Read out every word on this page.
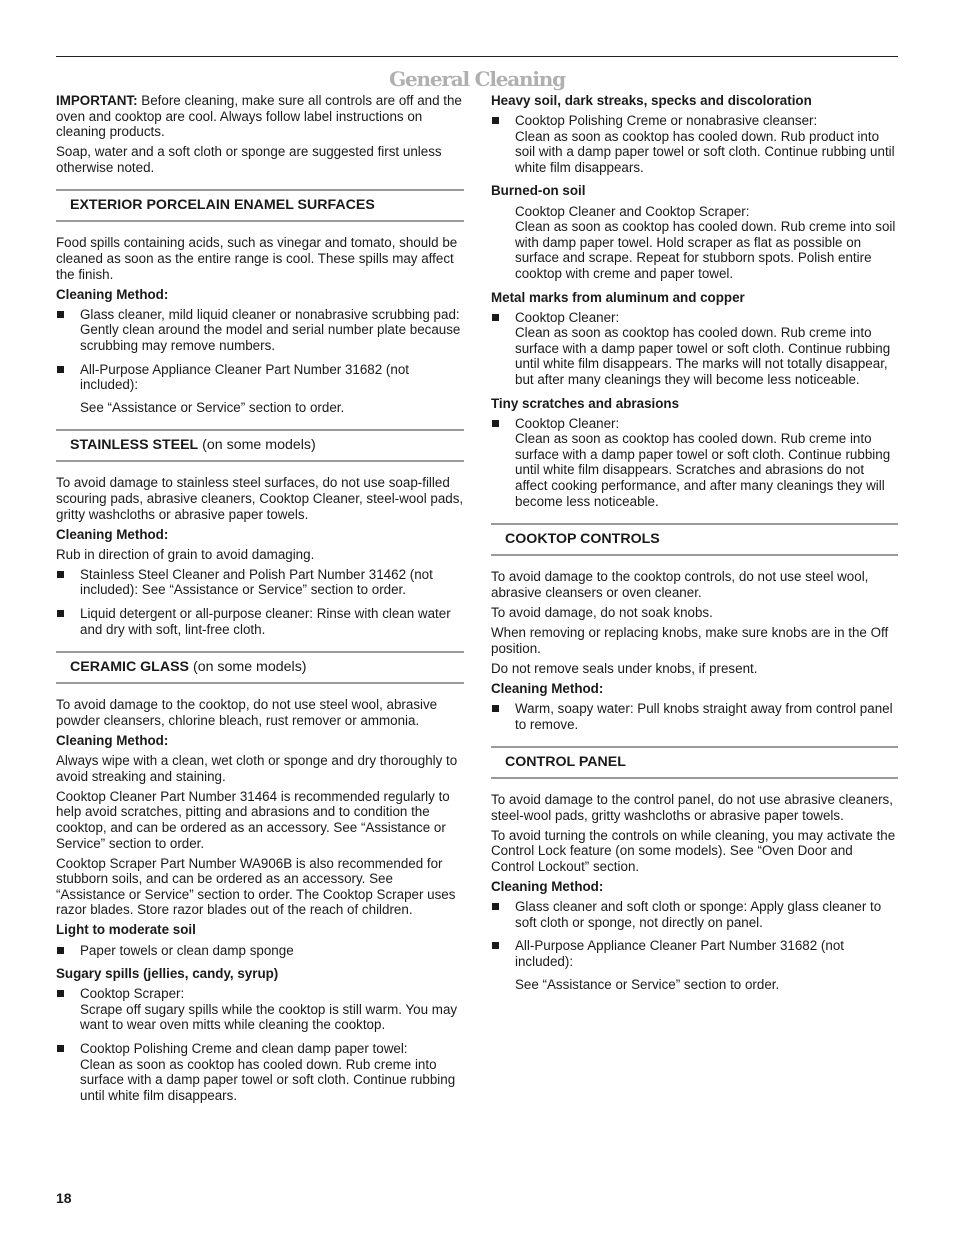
General Cleaning

IMPORTANT: Before cleaning, make sure all controls are off and the oven and cooktop are cool. Always follow label instructions on cleaning products.

Soap, water and a soft cloth or sponge are suggested first unless otherwise noted.

EXTERIOR PORCELAIN ENAMEL SURFACES

Food spills containing acids, such as vinegar and tomato, should be cleaned as soon as the entire range is cool. These spills may affect the finish.

Cleaning Method:
Glass cleaner, mild liquid cleaner or nonabrasive scrubbing pad: Gently clean around the model and serial number plate because scrubbing may remove numbers.
All-Purpose Appliance Cleaner Part Number 31682 (not included):
See “Assistance or Service” section to order.
STAINLESS STEEL (on some models)

To avoid damage to stainless steel surfaces, do not use soap-filled scouring pads, abrasive cleaners, Cooktop Cleaner, steel-wool pads, gritty washcloths or abrasive paper towels.

Cleaning Method:

Rub in direction of grain to avoid damaging.

Stainless Steel Cleaner and Polish Part Number 31462 (not included): See “Assistance or Service” section to order.
Liquid detergent or all-purpose cleaner: Rinse with clean water and dry with soft, lint-free cloth.
CERAMIC GLASS (on some models)

To avoid damage to the cooktop, do not use steel wool, abrasive powder cleansers, chlorine bleach, rust remover or ammonia.

Cleaning Method:

Always wipe with a clean, wet cloth or sponge and dry thoroughly to avoid streaking and staining.

Cooktop Cleaner Part Number 31464 is recommended regularly to help avoid scratches, pitting and abrasions and to condition the cooktop, and can be ordered as an accessory. See “Assistance or Service” section to order.

Cooktop Scraper Part Number WA906B is also recommended for stubborn soils, and can be ordered as an accessory. See “Assistance or Service” section to order. The Cooktop Scraper uses razor blades. Store razor blades out of the reach of children.

Light to moderate soil
Paper towels or clean damp sponge
Sugary spills (jellies, candy, syrup)
Cooktop Scraper:
Scrape off sugary spills while the cooktop is still warm. You may want to wear oven mitts while cleaning the cooktop.
Cooktop Polishing Creme and clean damp paper towel:
Clean as soon as cooktop has cooled down. Rub creme into surface with a damp paper towel or soft cloth. Continue rubbing until white film disappears.
Heavy soil, dark streaks, specks and discoloration
Cooktop Polishing Creme or nonabrasive cleanser:
Clean as soon as cooktop has cooled down. Rub product into soil with a damp paper towel or soft cloth. Continue rubbing until white film disappears.
Burned-on soil
Cooktop Cleaner and Cooktop Scraper:
Clean as soon as cooktop has cooled down. Rub creme into soil with damp paper towel. Hold scraper as flat as possible on surface and scrape. Repeat for stubborn spots. Polish entire cooktop with creme and paper towel.
Metal marks from aluminum and copper
Cooktop Cleaner:
Clean as soon as cooktop has cooled down. Rub creme into surface with a damp paper towel or soft cloth. Continue rubbing until white film disappears. The marks will not totally disappear, but after many cleanings they will become less noticeable.
Tiny scratches and abrasions
Cooktop Cleaner:
Clean as soon as cooktop has cooled down. Rub creme into surface with a damp paper towel or soft cloth. Continue rubbing until white film disappears. Scratches and abrasions do not affect cooking performance, and after many cleanings they will become less noticeable.
COOKTOP CONTROLS

To avoid damage to the cooktop controls, do not use steel wool, abrasive cleansers or oven cleaner.

To avoid damage, do not soak knobs.

When removing or replacing knobs, make sure knobs are in the Off position.

Do not remove seals under knobs, if present.

Cleaning Method:
Warm, soapy water: Pull knobs straight away from control panel to remove.
CONTROL PANEL

To avoid damage to the control panel, do not use abrasive cleaners, steel-wool pads, gritty washcloths or abrasive paper towels.

To avoid turning the controls on while cleaning, you may activate the Control Lock feature (on some models). See “Oven Door and Control Lockout” section.

Cleaning Method:
Glass cleaner and soft cloth or sponge: Apply glass cleaner to soft cloth or sponge, not directly on panel.
All-Purpose Appliance Cleaner Part Number 31682 (not included):
See “Assistance or Service” section to order.
18
